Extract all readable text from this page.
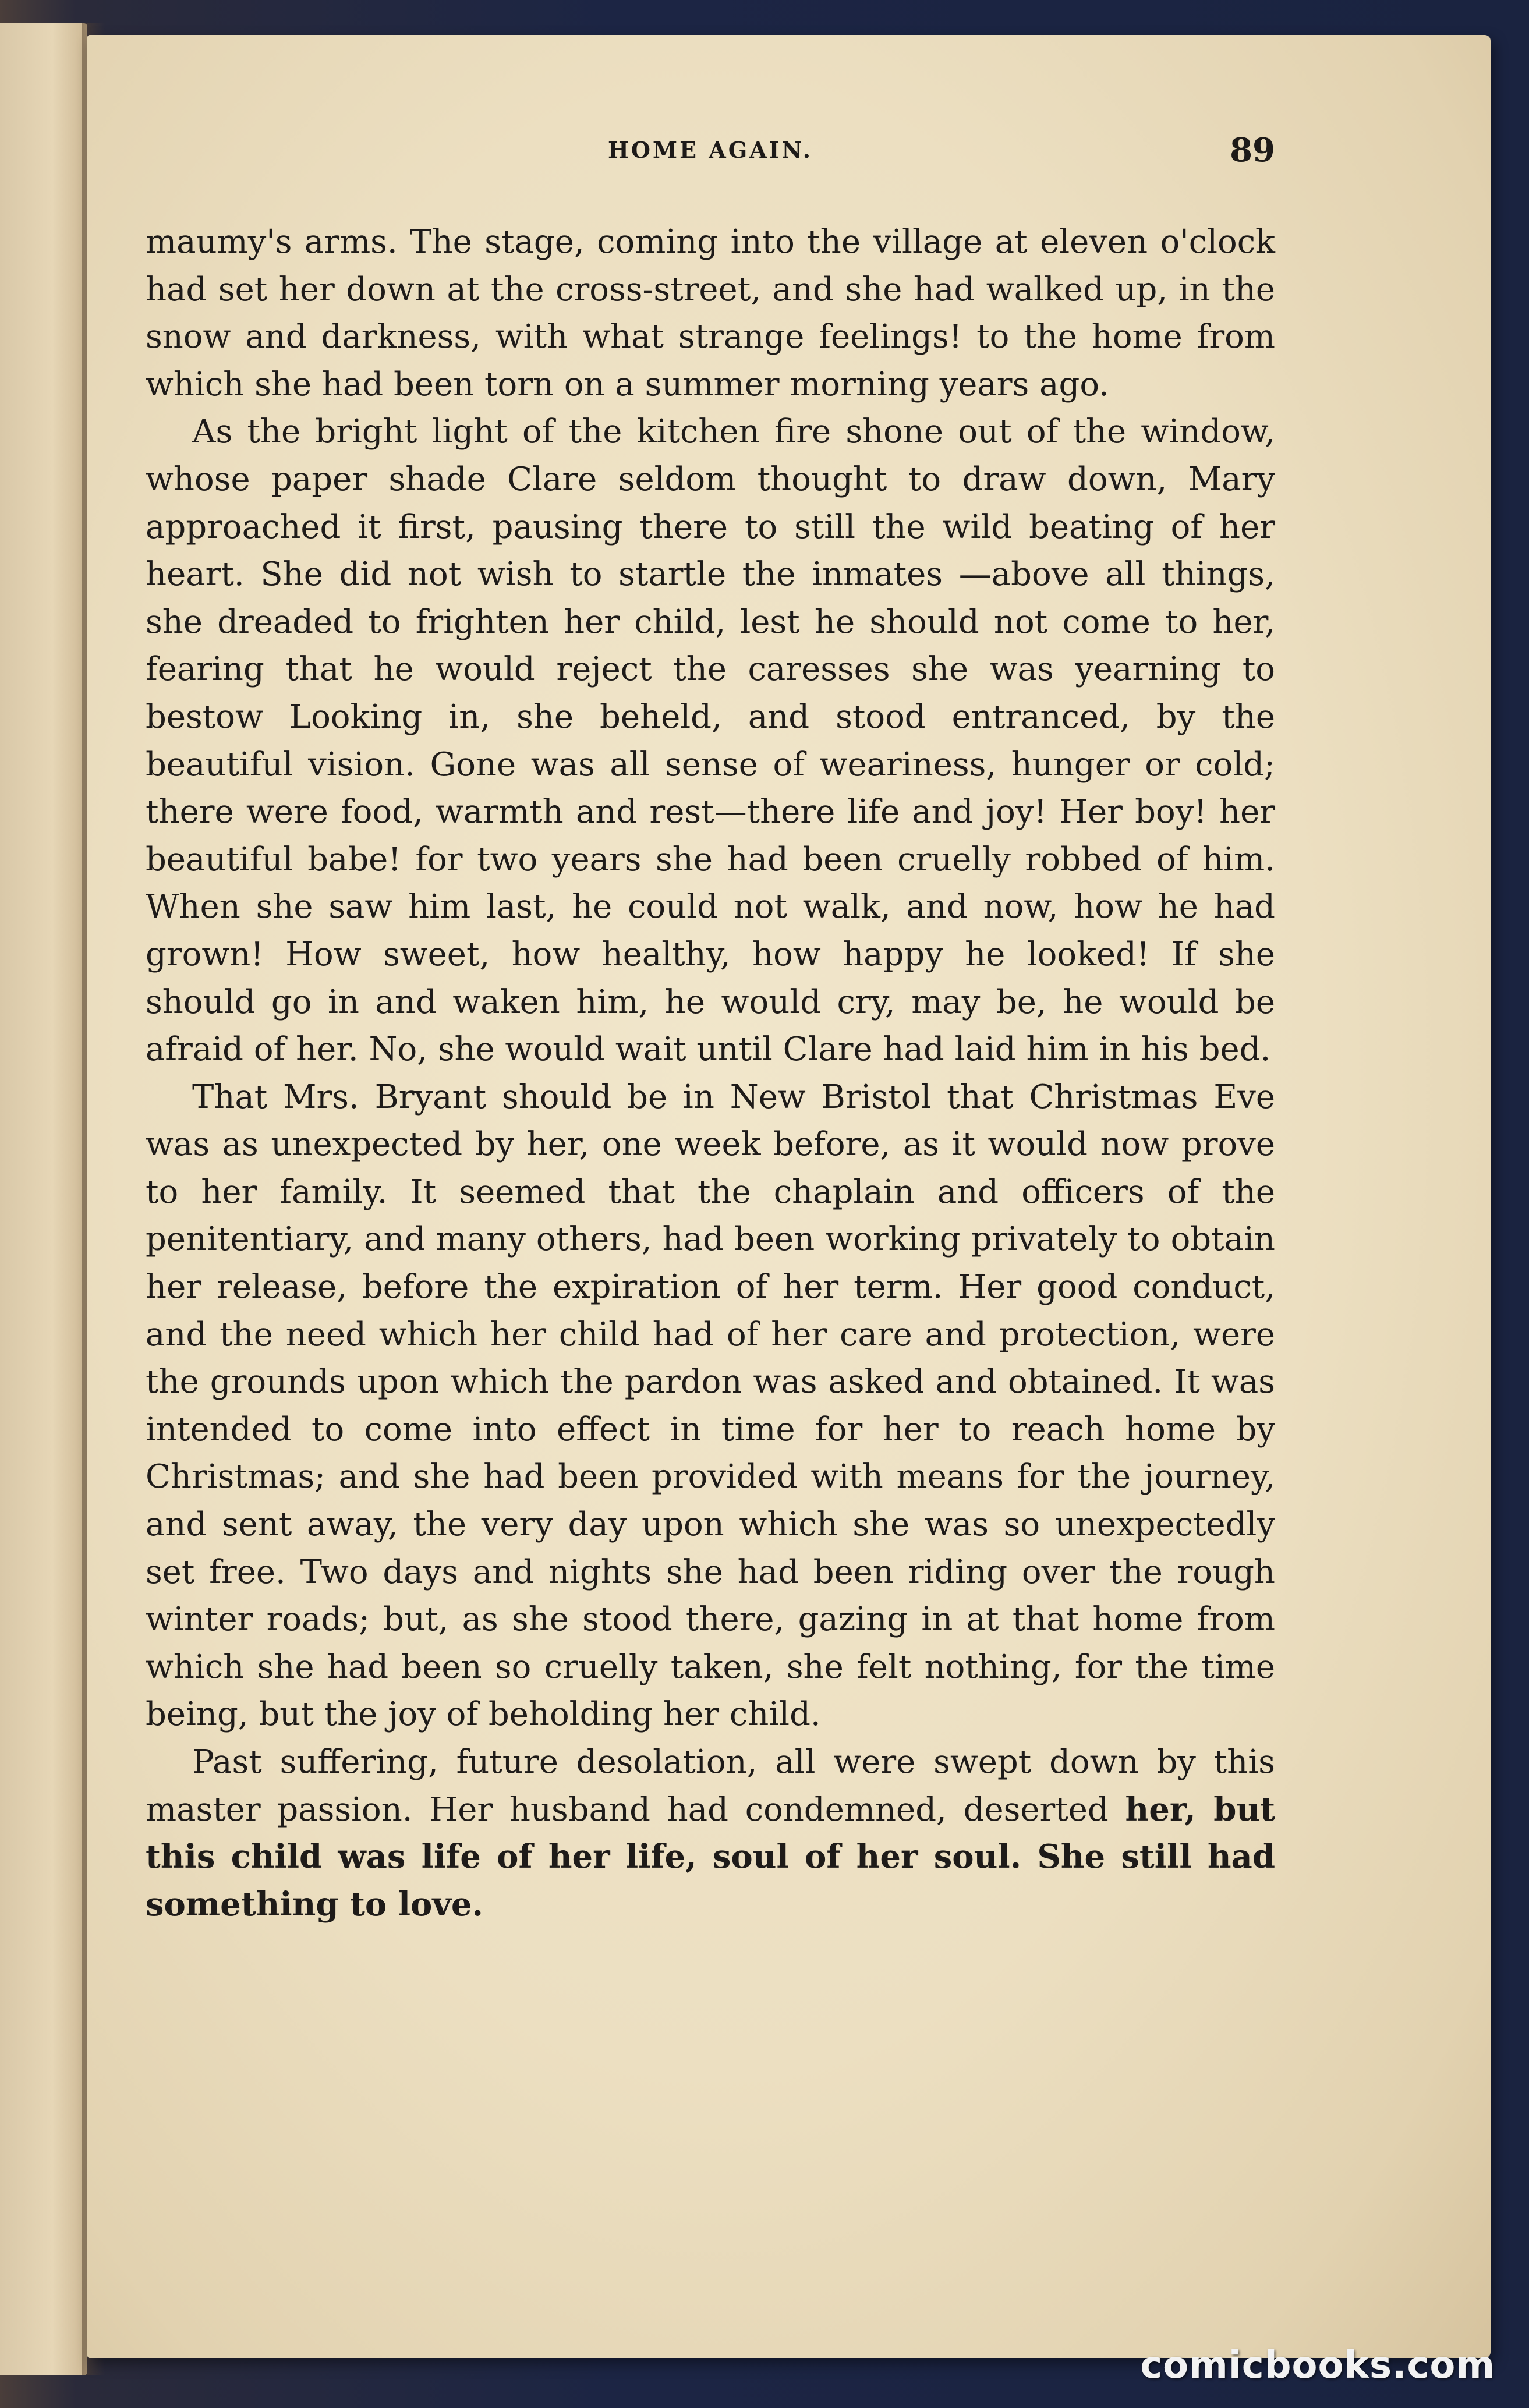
HOME AGAIN.	89

maumy's arms. The stage, coming into the village at eleven o'clock had set her down at the cross-street, and she had walked up, in the snow and darkness, with what strange feelings! to the home from which she had been torn on a summer morning years ago.

As the bright light of the kitchen fire shone out of the window, whose paper shade Clare seldom thought to draw down, Mary approached it first, pausing there to still the wild beating of her heart. She did not wish to startle the inmates —above all things, she dreaded to frighten her child, lest he should not come to her, fearing that he would reject the caresses she was yearning to bestow Looking in, she beheld, and stood entranced, by the beautiful vision. Gone was all sense of weariness, hunger or cold; there were food, warmth and rest—there life and joy! Her boy! her beautiful babe! for two years she had been cruelly robbed of him. When she saw him last, he could not walk, and now, how he had grown! How sweet, how healthy, how happy he looked! If she should go in and waken him, he would cry, may be, he would be afraid of her. No, she would wait until Clare had laid him in his bed.

That Mrs. Bryant should be in New Bristol that Christmas Eve was as unexpected by her, one week before, as it would now prove to her family. It seemed that the chaplain and officers of the penitentiary, and many others, had been working privately to obtain her release, before the expiration of her term. Her good conduct, and the need which her child had of her care and protection, were the grounds upon which the pardon was asked and obtained. It was intended to come into effect in time for her to reach home by Christmas; and she had been provided with means for the journey, and sent away, the very day upon which she was so unexpectedly set free. Two days and nights she had been riding over the rough winter roads; but, as she stood there, gazing in at that home from which she had been so cruelly taken, she felt nothing, for the time being, but the joy of beholding her child.

Past suffering, future desolation, all were swept down by this master passion. Her husband had condemned, deserted her, but this child was life of her life, soul of her soul. She still had something to love.

comicbooks.com
